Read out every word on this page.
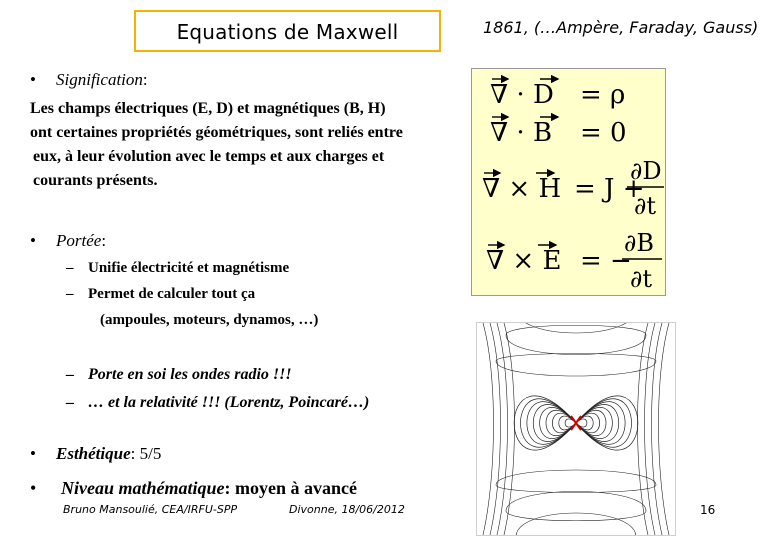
Equations de Maxwell	1861, (…Ampère, Faraday, Gauss)
• Signification:
Les champs électriques (E, D) et magnétiques (B, H)
ont certaines propriétés géométriques, sont reliés entre
eux, à leur évolution avec le temps et aux charges et
courants présents.
• Portée:
– Unifie électricité et magnétisme
– Permet de calculer tout ça
(ampoules, moteurs, dynamos, …)
– Porte en soi les ondes radio !!!
– … et la relativité !!! (Lorentz, Poincaré…)
• Esthétique: 5/5
• Niveau mathématique: moyen à avancé
∇ · D = ρ
∇ · B = 0
∇ × H = J +
∂D
∂t
∇ × E = −
∂B
∂t
Bruno Mansoulié, CEA/IRFU-SPP	Divonne, 18/06/2012	16
